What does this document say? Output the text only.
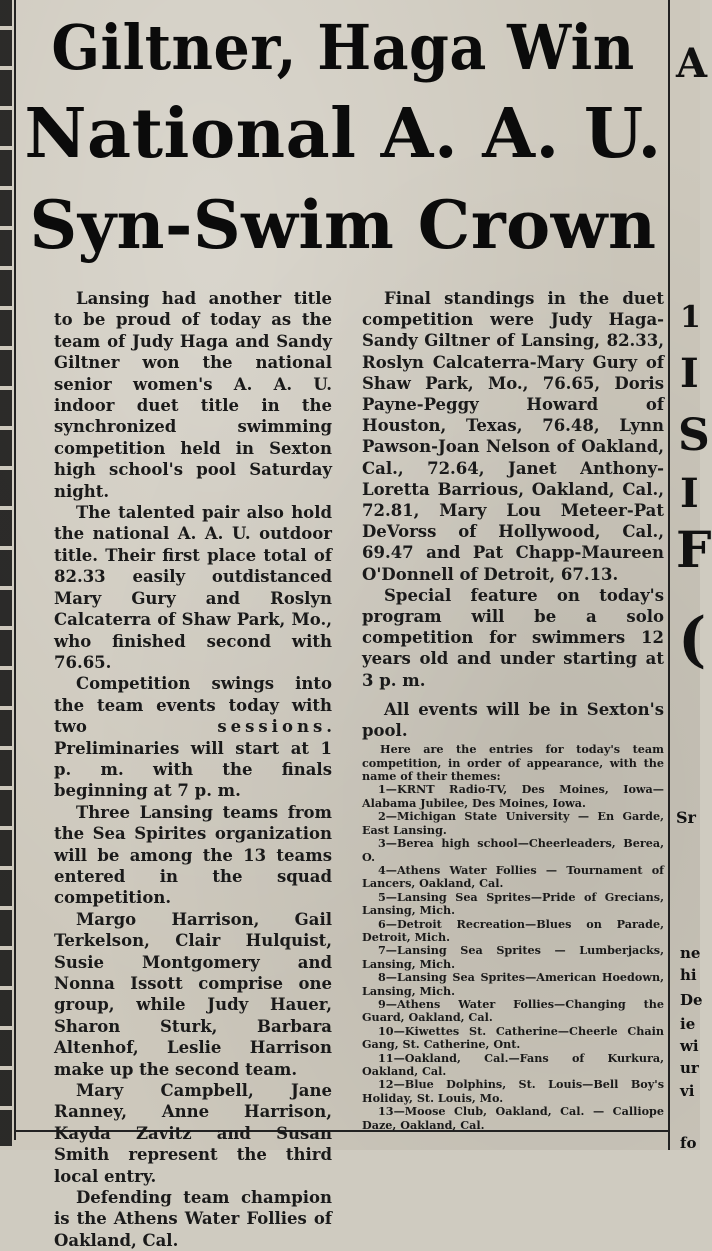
Giltner, Haga Win
National A. A. U.
Syn-Swim Crown

Lansing had another title to be proud of today as the team of Judy Haga and Sandy Giltner won the national senior women's A. A. U. indoor duet title in the synchronized swimming competition held in Sexton high school's pool Saturday night.

The talented pair also hold the national A. A. U. outdoor title. Their first place total of 82.33 easily outdistanced Mary Gury and Roslyn Calcaterra of Shaw Park, Mo., who finished second with 76.65.

Competition swings into the team events today with two	sessions. Preliminaries will start at 1 p. m. with the finals beginning at 7 p. m.

Three Lansing teams from the Sea Spirites organization will be among the 13 teams entered in the squad competition.

Margo Harrison, Gail Terkelson, Clair Hulquist, Susie Montgomery and Nonna Issott comprise one group, while Judy Hauer, Sharon Sturk, Barbara Altenhof, Leslie Harrison make up the second team.

Mary Campbell, Jane Ranney, Anne Harrison, Kayda Zavitz and Susan Smith represent the third local entry.

Defending team champion is the Athens Water Follies of Oakland, Cal.

Final standings in the duet competition were Judy Haga-Sandy Giltner of Lansing, 82.33, Roslyn Calcaterra-Mary Gury of Shaw Park, Mo., 76.65, Doris Payne-Peggy Howard of Houston, Texas, 76.48, Lynn Pawson-Joan Nelson of Oakland, Cal., 72.64, Janet Anthony-Loretta Barrious, Oakland, Cal., 72.81, Mary Lou Meteer-Pat DeVorss of Hollywood, Cal., 69.47 and Pat Chapp-Maureen O'Donnell of Detroit, 67.13.

Special feature on today's program will be a solo competition for swimmers 12 years old and under starting at 3 p. m.

All events will be in Sexton's pool.

Here are the entries for today's team competition, in order of appearance, with the name of their themes:

1—KRNT Radio-TV, Des Moines, Iowa—Alabama Jubilee, Des Moines, Iowa.

2—Michigan State University — En Garde, East Lansing.

3—Berea high school—Cheerleaders, Berea, O.

4—Athens Water Follies — Tournament of Lancers, Oakland, Cal.

5—Lansing Sea Sprites—Pride of Grecians, Lansing, Mich.

6—Detroit Recreation—Blues on Parade, Detroit, Mich.

7—Lansing Sea Sprites — Lumberjacks, Lansing, Mich.

8—Lansing Sea Sprites—American Hoedown, Lansing, Mich.

9—Athens Water Follies—Changing the Guard, Oakland, Cal.

10—Kiwettes St. Catherine—Cheerle Chain Gang, St. Catherine, Ont.

11—Oakland, Cal.—Fans of Kurkura, Oakland, Cal.

12—Blue Dolphins, St. Louis—Bell Boy's Holiday, St. Louis, Mo.

13—Moose Club, Oakland, Cal. — Calliope Daze, Oakland, Cal.

A
1
I
S
I
F
(
Sr
ne
hi
De
ie
wi
ur
vi
fo
